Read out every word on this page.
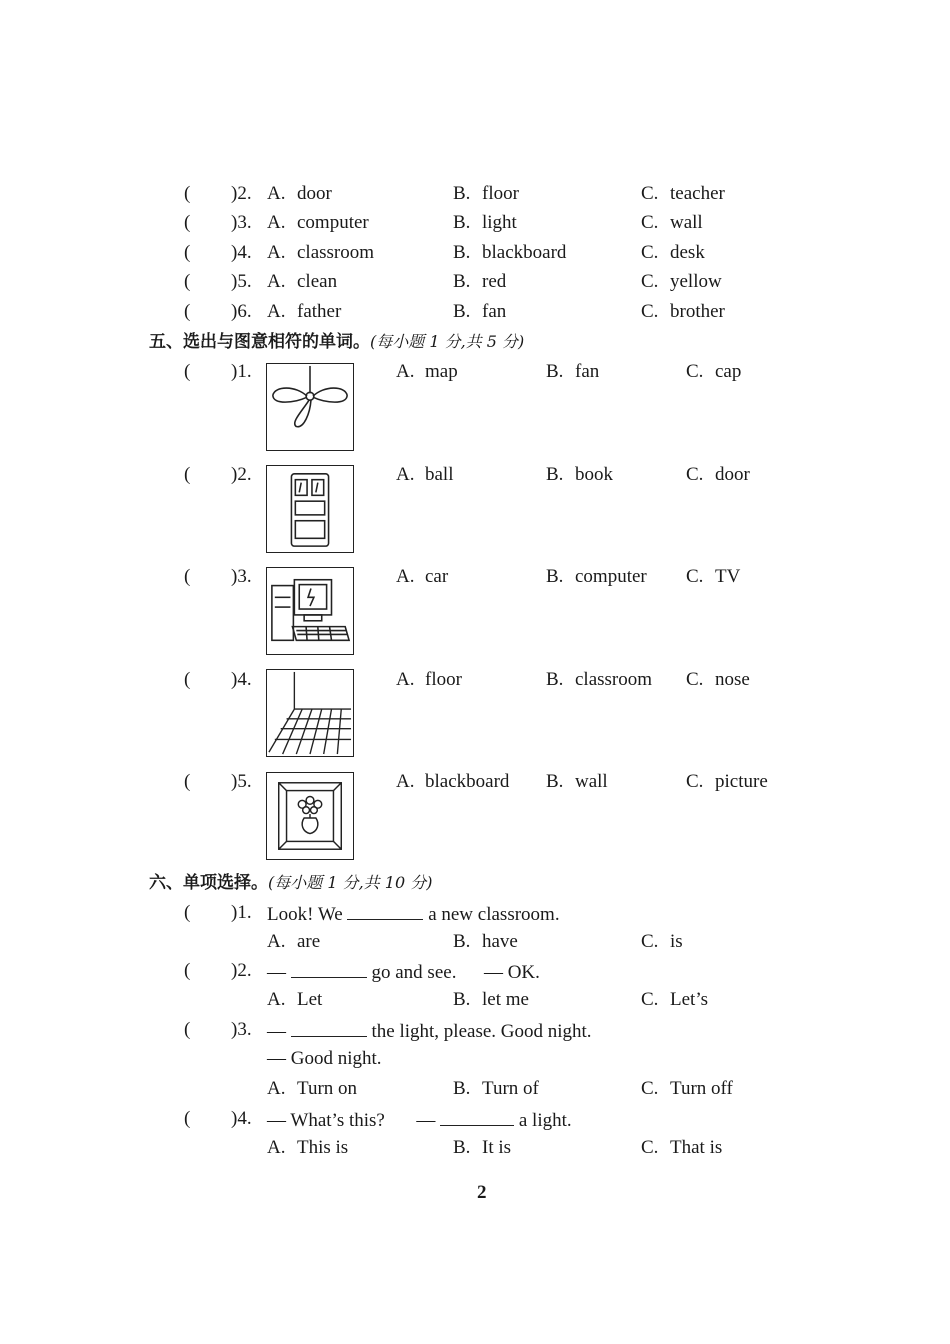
( )2. A. door	B. floor	C. teacher
( )3. A. computer	B. light	C. wall
( )4. A. classroom	B. blackboard	C. desk
( )5. A. clean	B. red	C. yellow
( )6. A. father	B. fan	C. brother
五、选出与图意相符的单词。(每小题 1 分,共 5 分)
( )1.	A. map	B. fan	C. cap
( )2.	A. ball	B. book	C. door
( )3.	A. car	B. computer C. TV
( )4.	A. floor	B. classroom C. nose
( )5.	A. blackboard B. wall	C. picture
六、单项选择。(每小题 1 分,共 10 分)
( )1. Look! We	a new classroom.
A. are	B. have	C. is
( )2. —	go and see. — OK.
A. Let	B. let me	C. Let’s
( )3. —	the light, please. Good night.
— Good night.
A. Turn on	B. Turn of	C. Turn off
( )4. — What’s this? —	a light.
A. This is	B. It is	C. That is
2
